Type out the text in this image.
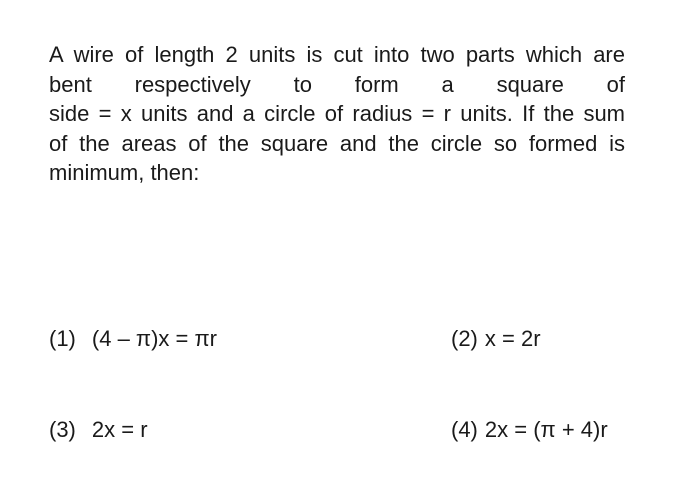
A wire of length 2 units is cut into two parts which are
bent respectively to form a square of
side = x units and a circle of radius = r units. If the sum
of the areas of the square and the circle so formed is
minimum, then:
(1) (4 – π)x = πr	(2) x = 2r
(3) 2x = r	(4) 2x = (π + 4)r
